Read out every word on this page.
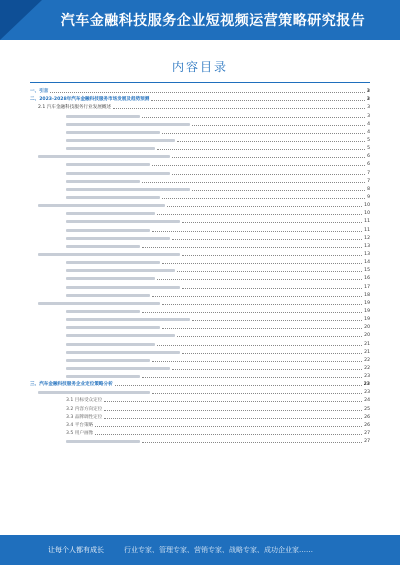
汽车金融科技服务企业短视频运营策略研究报告
内容目录
一、引言	3
二、2023-2028年汽车金融科技服务市场发展及趋势预测	3
2.1 汽车金融科技服务行业发展概述	3
3
4
4
5
5
6
6
7
7
8
9
10
10
11
11
12
13
13
14
15
16
17
18
19
19
19
20
20
21
21
22
22
23
三、汽车金融科技服务企业定位策略分析	23
23
3.1 目标受众定位	24
3.2 内容方向定位	25
3.3 品牌调性定位	26
3.4 平台策略	26
3.5 用户画像	27
27
让每个人都有成长	行业专家、管理专家、营销专家、战略专家、成功企业家……
